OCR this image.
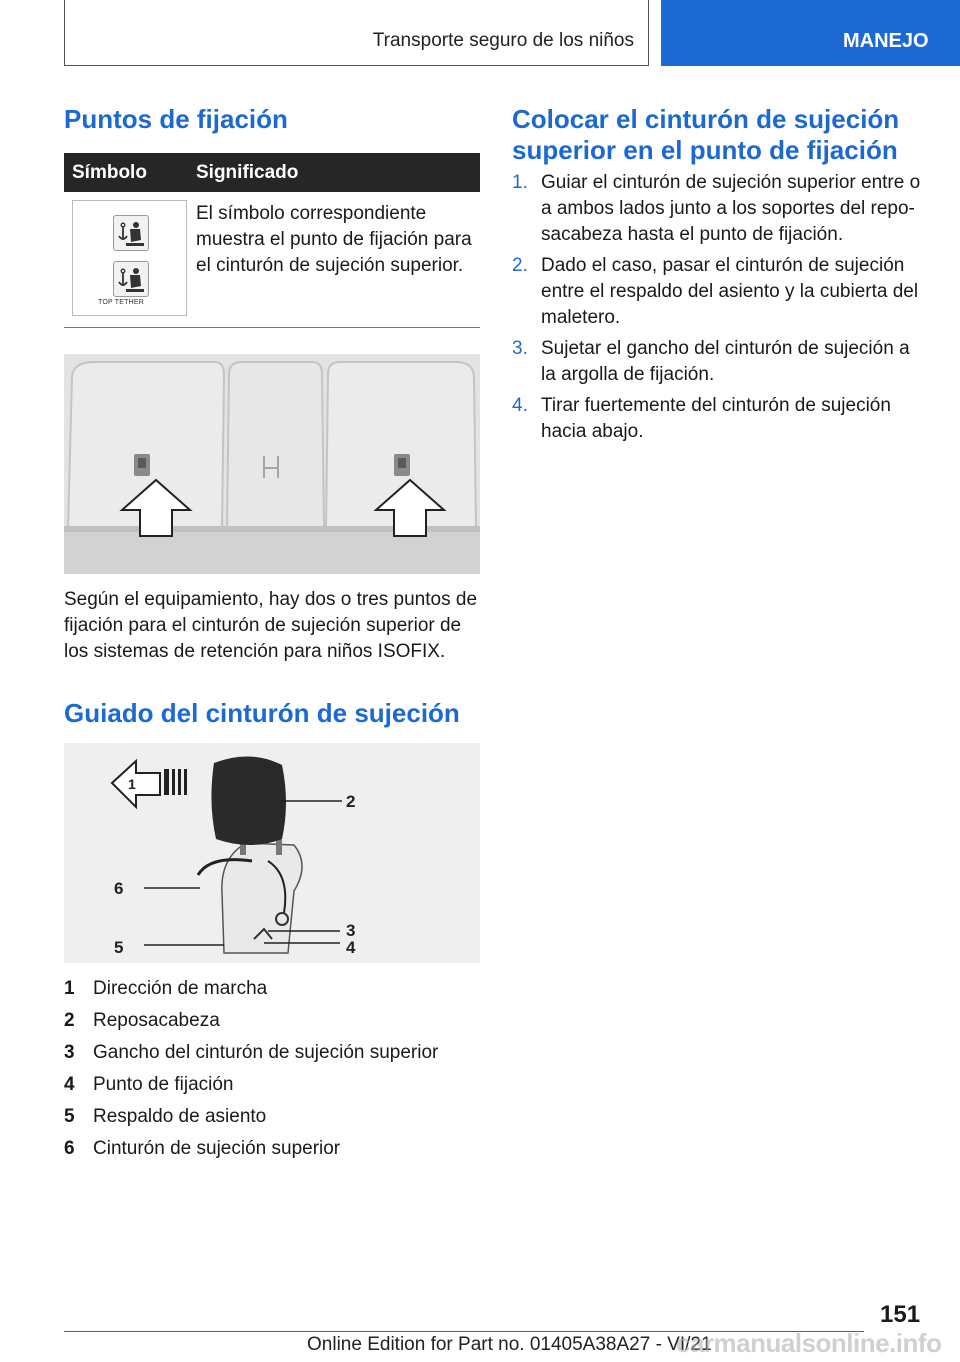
Transporte seguro de los niños	MANEJO
Puntos de fijación
Símbolo	Significado
TOP TETHER
El símbolo correspondiente muestra el punto de fijación para el cinturón de sujeción superior.
Según el equipamiento, hay dos o tres puntos de fijación para el cinturón de sujeción superior de los sistemas de retención para niños ISOFIX.
Guiado del cinturón de sujeción
1
2
6
3
4
5
1 Dirección de marcha
2 Reposacabeza
3 Gancho del cinturón de sujeción superior
4 Punto de fijación
5 Respaldo de asiento
6 Cinturón de sujeción superior
Colocar el cinturón de sujeción
superior en el punto de fijación
1. Guiar el cinturón de sujeción superior entre o a ambos lados junto a los soportes del repo-sacabeza hasta el punto de fijación.
2. Dado el caso, pasar el cinturón de sujeción entre el respaldo del asiento y la cubierta del maletero.
3. Sujetar el gancho del cinturón de sujeción a la argolla de fijación.
4. Tirar fuertemente del cinturón de sujeción hacia abajo.
151
Online Edition for Part no. 01405A38A27 - VI/21
carmanualsonline.info
